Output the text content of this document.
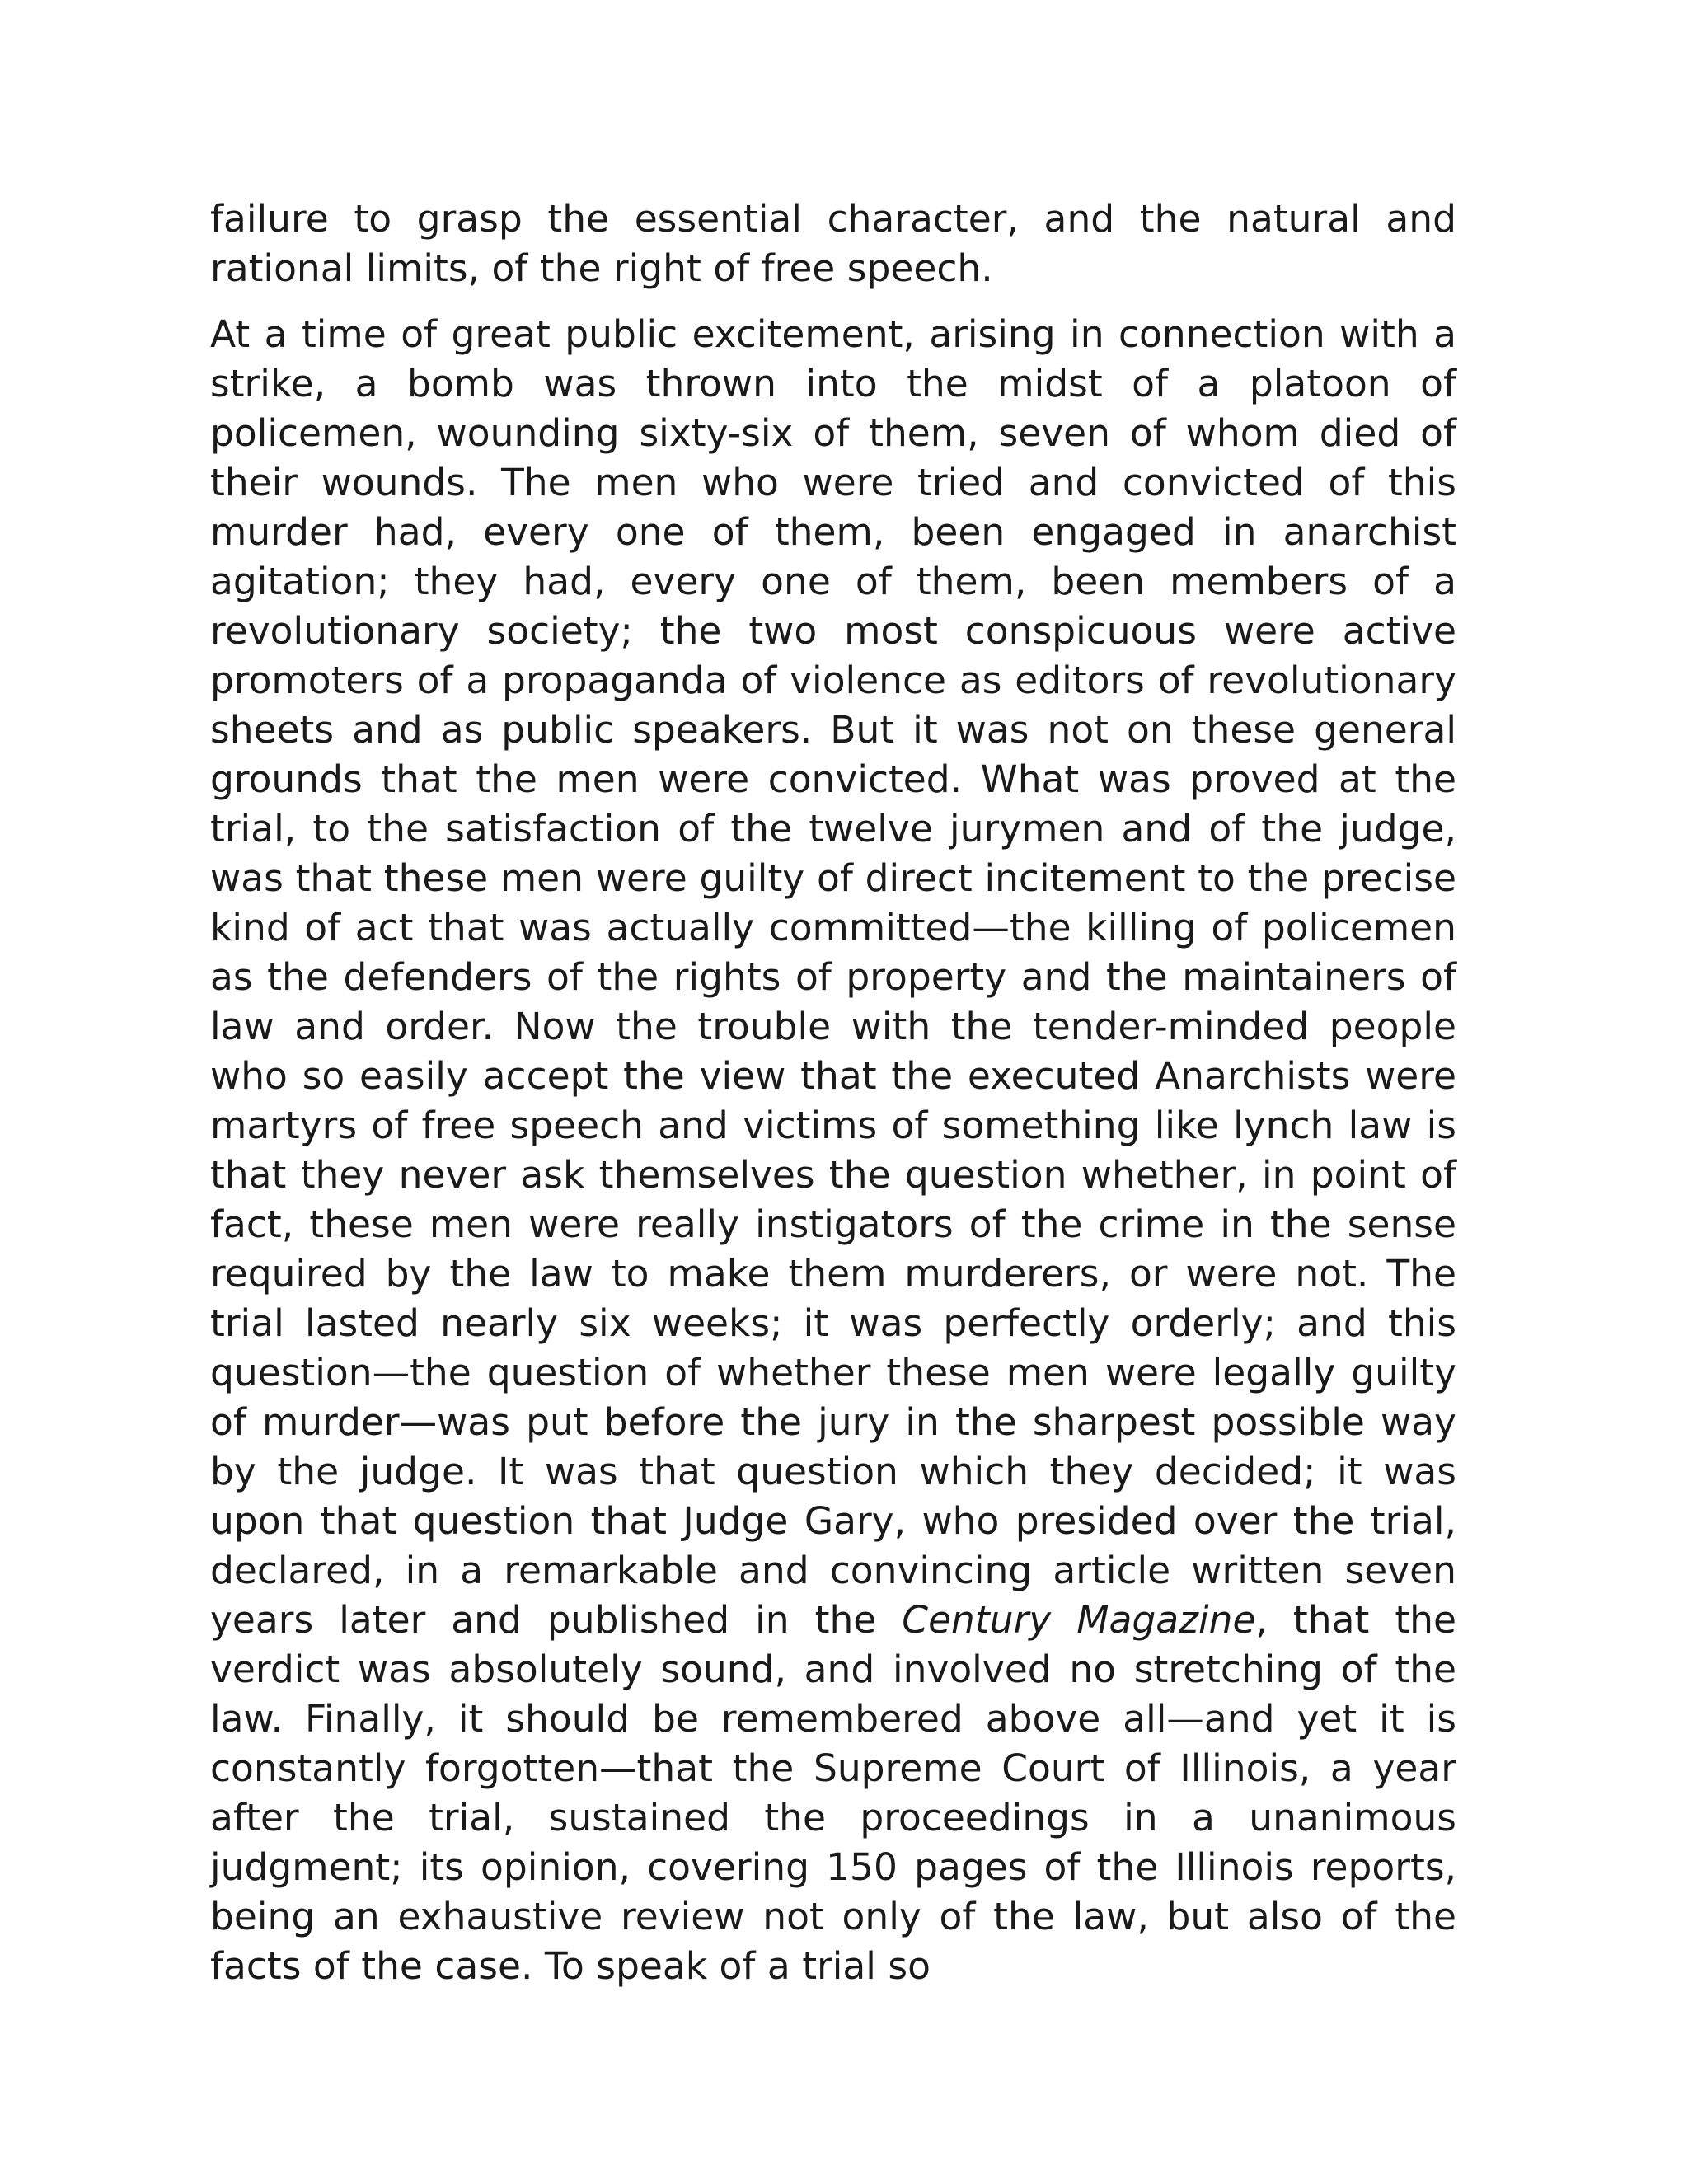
failure to grasp the essential character, and the natural and rational limits, of the right of free speech.

At a time of great public excitement, arising in connection with a strike, a bomb was thrown into the midst of a platoon of policemen, wounding sixty-six of them, seven of whom died of their wounds. The men who were tried and convicted of this murder had, every one of them, been engaged in anarchist agitation; they had, every one of them, been members of a revolutionary society; the two most conspicuous were active promoters of a propaganda of violence as editors of revolutionary sheets and as public speakers. But it was not on these general grounds that the men were convicted. What was proved at the trial, to the satisfaction of the twelve jurymen and of the judge, was that these men were guilty of direct incitement to the precise kind of act that was actually committed—the killing of policemen as the defenders of the rights of property and the maintainers of law and order. Now the trouble with the tender-minded people who so easily accept the view that the executed Anarchists were martyrs of free speech and victims of something like lynch law is that they never ask themselves the question whether, in point of fact, these men were really instigators of the crime in the sense required by the law to make them murderers, or were not. The trial lasted nearly six weeks; it was perfectly orderly; and this question—the question of whether these men were legally guilty of murder—was put before the jury in the sharpest possible way by the judge. It was that question which they decided; it was upon that question that Judge Gary, who presided over the trial, declared, in a remarkable and convincing article written seven years later and published in the Century Magazine, that the verdict was absolutely sound, and involved no stretching of the law. Finally, it should be remembered above all—and yet it is constantly forgotten—that the Supreme Court of Illinois, a year after the trial, sustained the proceedings in a unanimous judgment; its opinion, covering 150 pages of the Illinois reports, being an exhaustive review not only of the law, but also of the facts of the case. To speak of a trial so
